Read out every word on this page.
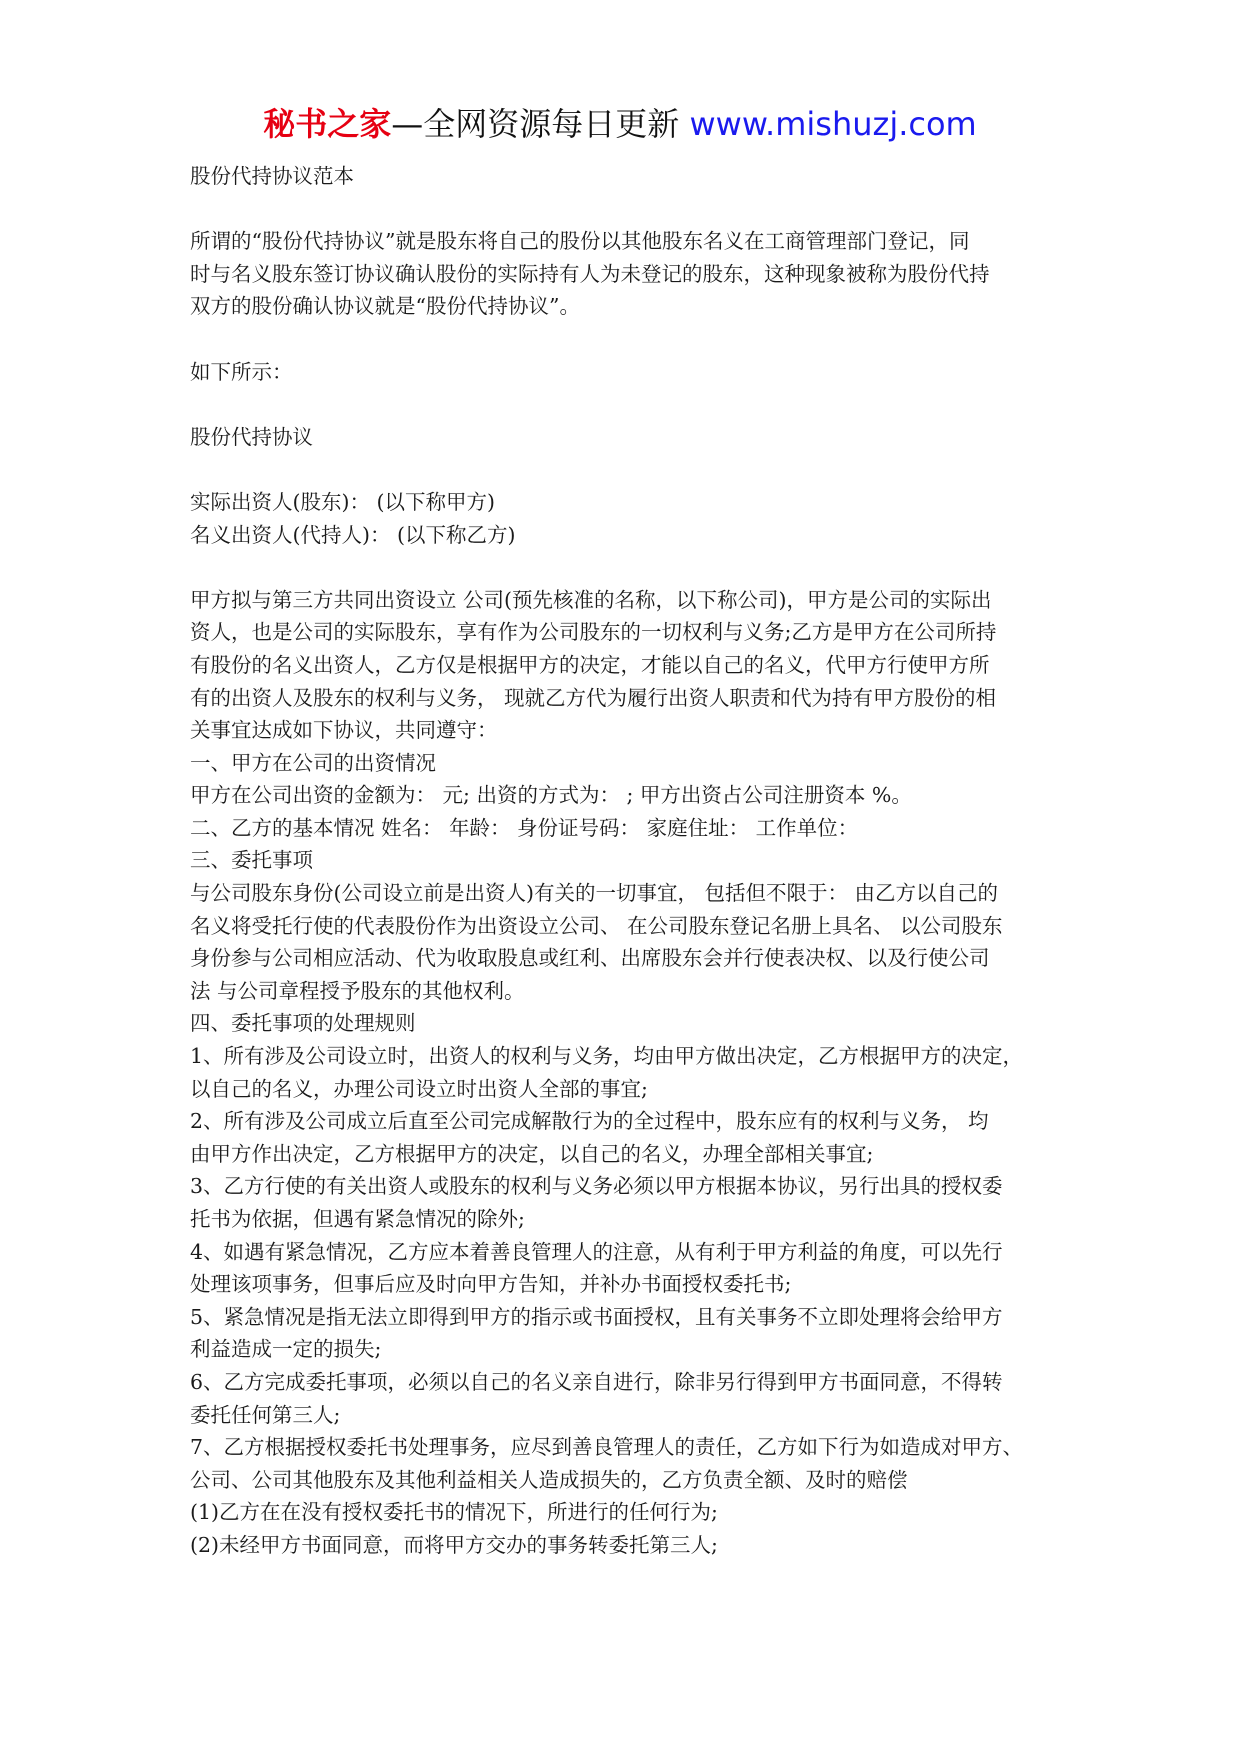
秘书之家—全网资源每日更新 www.mishuzj.com

股份代持协议范本

所谓的“股份代持协议”就是股东将自己的股份以其他股东名义在工商管理部门登记，同

时与名义股东签订协议确认股份的实际持有人为未登记的股东，这种现象被称为股份代持

双方的股份确认协议就是“股份代持协议”。

如下所示：

股份代持协议

实际出资人(股东)： (以下称甲方)

名义出资人(代持人)： (以下称乙方)

甲方拟与第三方共同出资设立 公司(预先核准的名称，以下称公司)，甲方是公司的实际出

资人，也是公司的实际股东，享有作为公司股东的一切权利与义务;乙方是甲方在公司所持

有股份的名义出资人，乙方仅是根据甲方的决定，才能以自己的名义，代甲方行使甲方所

有的出资人及股东的权利与义务， 现就乙方代为履行出资人职责和代为持有甲方股份的相

关事宜达成如下协议，共同遵守：

一、甲方在公司的出资情况

甲方在公司出资的金额为： 元; 出资的方式为： ; 甲方出资占公司注册资本 %。

二、乙方的基本情况 姓名： 年龄： 身份证号码： 家庭住址： 工作单位：

三、委托事项

与公司股东身份(公司设立前是出资人)有关的一切事宜， 包括但不限于： 由乙方以自己的

名义将受托行使的代表股份作为出资设立公司、 在公司股东登记名册上具名、 以公司股东

身份参与公司相应活动、代为收取股息或红利、出席股东会并行使表决权、以及行使公司

法 与公司章程授予股东的其他权利。

四、委托事项的处理规则

1、所有涉及公司设立时，出资人的权利与义务，均由甲方做出决定，乙方根据甲方的决定，

以自己的名义，办理公司设立时出资人全部的事宜;

2、所有涉及公司成立后直至公司完成解散行为的全过程中，股东应有的权利与义务， 均

由甲方作出决定，乙方根据甲方的决定，以自己的名义，办理全部相关事宜;

3、乙方行使的有关出资人或股东的权利与义务必须以甲方根据本协议，另行出具的授权委

托书为依据，但遇有紧急情况的除外;

4、如遇有紧急情况，乙方应本着善良管理人的注意，从有利于甲方利益的角度，可以先行

处理该项事务，但事后应及时向甲方告知，并补办书面授权委托书;

5、紧急情况是指无法立即得到甲方的指示或书面授权，且有关事务不立即处理将会给甲方

利益造成一定的损失;

6、乙方完成委托事项，必须以自己的名义亲自进行，除非另行得到甲方书面同意，不得转

委托任何第三人;

7、乙方根据授权委托书处理事务，应尽到善良管理人的责任，乙方如下行为如造成对甲方、

公司、公司其他股东及其他利益相关人造成损失的，乙方负责全额、及时的赔偿

(1)乙方在在没有授权委托书的情况下，所进行的任何行为;

(2)未经甲方书面同意，而将甲方交办的事务转委托第三人;
